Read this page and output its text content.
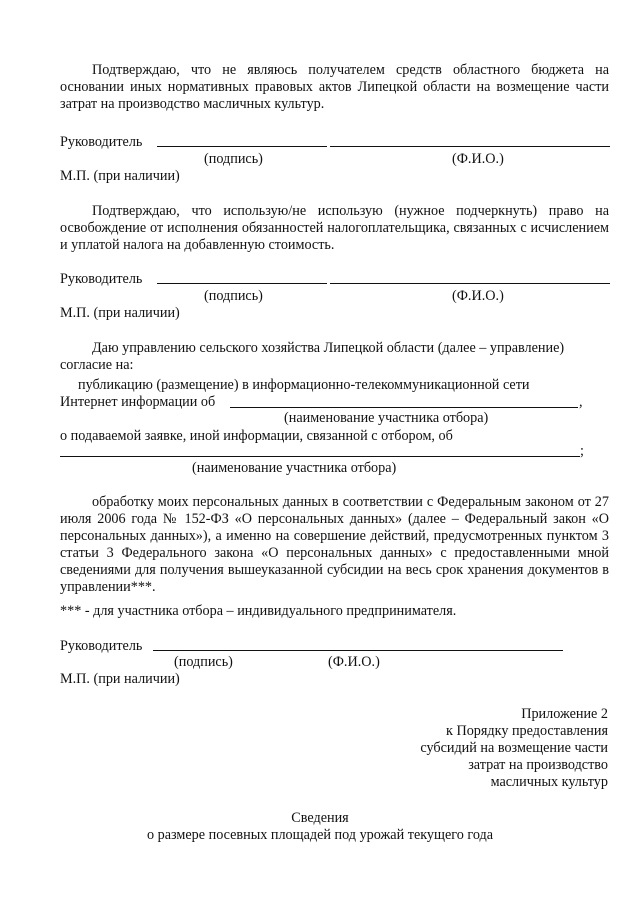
Подтверждаю, что не являюсь получателем средств областного бюджета на основании иных нормативных правовых актов Липецкой области на возмещение части затрат на производство масличных культур.
Руководитель
(подпись)	(Ф.И.О.)
М.П. (при наличии)
Подтверждаю, что использую/не использую (нужное подчеркнуть) право на освобождение от исполнения обязанностей налогоплательщика, связанных с исчислением и уплатой налога на добавленную стоимость.
Руководитель
(подпись)	(Ф.И.О.)
М.П. (при наличии)
Даю управлению сельского хозяйства Липецкой области (далее – управление)
согласие на:
публикацию (размещение) в информационно-телекоммуникационной сети
Интернет информации об	,
(наименование участника отбора)
о подаваемой заявке, иной информации, связанной с отбором, об
;
(наименование участника отбора)
обработку моих персональных данных в соответствии с Федеральным законом от 27 июля 2006 года № 152-ФЗ «О персональных данных» (далее – Федеральный закон «О персональных данных»), а именно на совершение действий, предусмотренных пунктом 3 статьи 3 Федерального закона «О персональных данных» с предоставленными мной сведениями для получения вышеуказанной субсидии на весь срок хранения документов в управлении***.
*** - для участника отбора – индивидуального предпринимателя.
Руководитель
(подпись)	(Ф.И.О.)
М.П. (при наличии)
Приложение 2
к Порядку предоставления
субсидий на возмещение части
затрат на производство
масличных культур
Сведения
о размере посевных площадей под урожай текущего года
